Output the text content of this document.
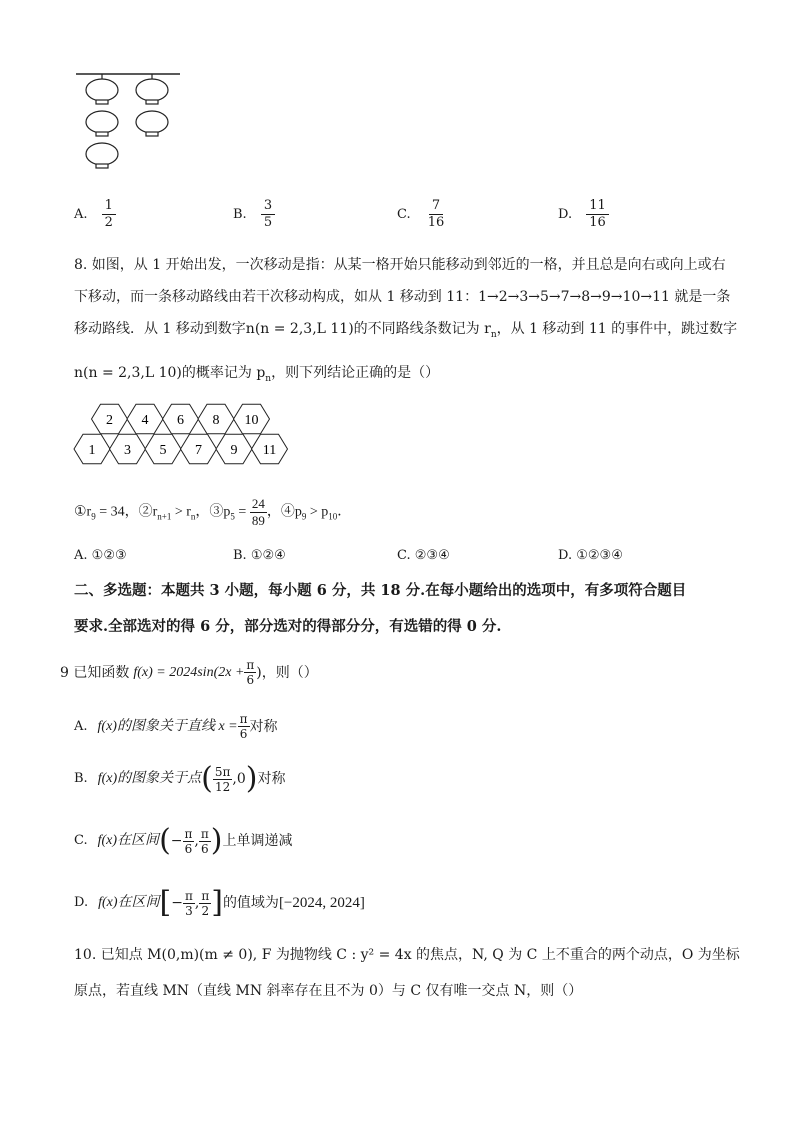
A. $\frac{1}{2}$	B. $\frac{3}{5}$	C. $\frac{7}{16}$	D. $\frac{11}{16}$
8. 如图，从 1 开始出发，一次移动是指：从某一格开始只能移动到邻近的一格，并且总是向右或向上或右
下移动，而一条移动路线由若干次移动构成，如从 1 移动到 11：1→2→3→5→7→8→9→10→11 就是一条
移动路线．从 1 移动到数字n(n = 2,3,L 11)的不同路线条数记为 $r_n$，从 1 移动到 11 的事件中，跳过数字
n(n = 2,3,L 10)的概率记为 $p_n$，则下列结论正确的是（）
1 3 5 7 9 11
2 4 6 8 10
$①r_9 = 34$，$②r_{n+1} > r_n$，$③p_5 = \frac{24}{89}$ ，$④p_9 > p_{10}$．
A. ①②③	B. ①②④	C. ②③④	D. ①②③④
二、多选题：本题共 3 小题，每小题 6 分，共 18 分.在每小题给出的选项中，有多项符合题目
要求.全部选对的得 6 分，部分选对的得部分分，有选错的得 0 分.
9 已知函数 $f(x) = 2024\sin(2x + \frac{\pi}{6}$ )，则（）
A. f(x)的图象关于直线 $x = \frac{\pi}{6}$ 对称
B. f(x)的图象关于点 ( 5π
12 ,0 ) 对称
C. f(x)在区间 ( − $\frac{\pi}{6}$ , π
6 ) 上单调递减
D. f(x)在区间 [ − $\frac{\pi}{3}$ , π
2 ] 的值域为 [−2024, 2024]
10. 已知点 M(0,m)(m ≠ 0), F 为抛物线 C : y² = 4x 的焦点，N, Q 为 C 上不重合的两个动点，O 为坐标
原点，若直线 MN（直线 MN 斜率存在且不为 0）与 C 仅有唯一交点 N，则（）
